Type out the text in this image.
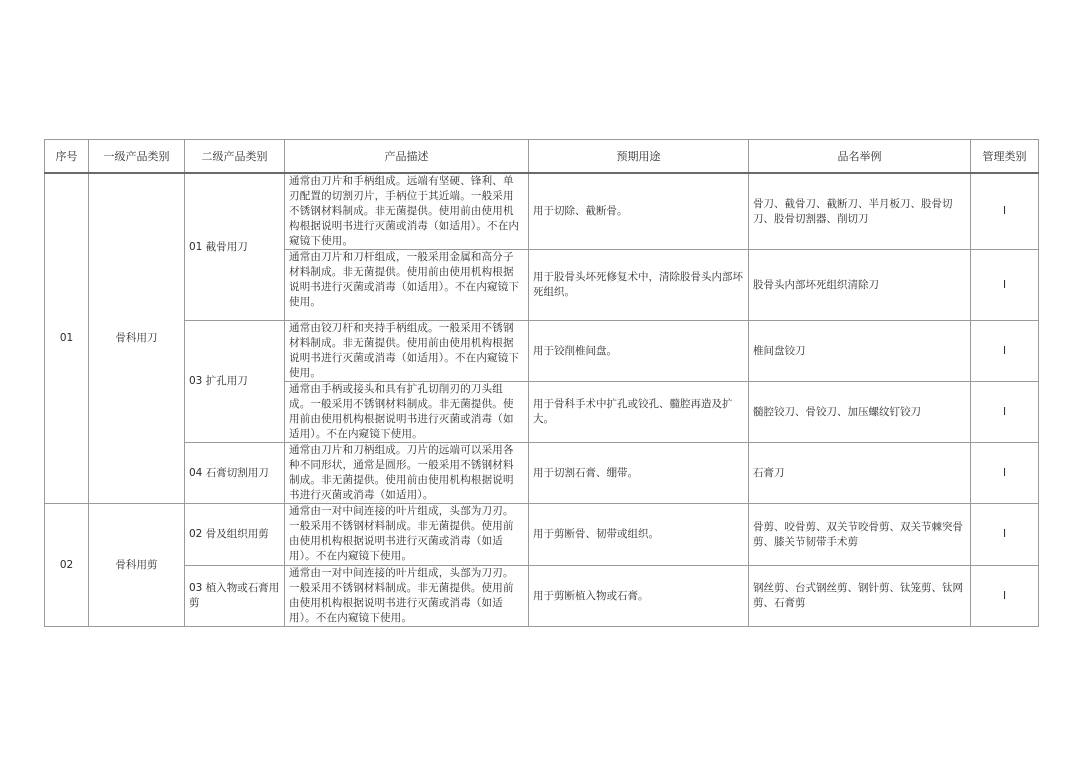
序号	一级产品类别	二级产品类别	产品描述	预期用途	品名举例	管理类别
01	骨科用刀	01 截骨用刀	通常由刀片和手柄组成。远端有坚硬、锋利、单刃配置的切割刃片，手柄位于其近端。一般采用不锈钢材料制成。非无菌提供。使用前由使用机构根据说明书进行灭菌或消毒（如适用）。不在内窥镜下使用。	用于切除、截断骨。	骨刀、截骨刀、截断刀、半月板刀、股骨切刀、股骨切割器、削切刀	I
			通常由刀片和刀杆组成，一般采用金属和高分子材料制成。非无菌提供。使用前由使用机构根据说明书进行灭菌或消毒（如适用）。不在内窥镜下使用。	用于股骨头坏死修复术中，清除股骨头内部坏死组织。	股骨头内部坏死组织清除刀	I
		03 扩孔用刀	通常由铰刀杆和夹持手柄组成。一般采用不锈钢材料制成。非无菌提供。使用前由使用机构根据说明书进行灭菌或消毒（如适用）。不在内窥镜下使用。	用于铰削椎间盘。	椎间盘铰刀	I
			通常由手柄或接头和具有扩孔切削刃的刀头组成。一般采用不锈钢材料制成。非无菌提供。使用前由使用机构根据说明书进行灭菌或消毒（如适用）。不在内窥镜下使用。	用于骨科手术中扩孔或铰孔、髓腔再造及扩大。	髓腔铰刀、骨铰刀、加压螺纹钉铰刀	I
		04 石膏切割用刀	通常由刀片和刀柄组成。刀片的远端可以采用各种不同形状，通常是圆形。一般采用不锈钢材料制成。非无菌提供。使用前由使用机构根据说明书进行灭菌或消毒（如适用）。	用于切割石膏、绷带。	石膏刀	I
02	骨科用剪	02 骨及组织用剪	通常由一对中间连接的叶片组成，头部为刀刃。一般采用不锈钢材料制成。非无菌提供。使用前由使用机构根据说明书进行灭菌或消毒（如适用）。不在内窥镜下使用。	用于剪断骨、韧带或组织。	骨剪、咬骨剪、双关节咬骨剪、双关节棘突骨剪、膝关节韧带手术剪	I
		03 植入物或石膏用剪	通常由一对中间连接的叶片组成，头部为刀刃。一般采用不锈钢材料制成。非无菌提供。使用前由使用机构根据说明书进行灭菌或消毒（如适用）。不在内窥镜下使用。	用于剪断植入物或石膏。	钢丝剪、台式钢丝剪、钢针剪、钛笼剪、钛网剪、石膏剪	I
